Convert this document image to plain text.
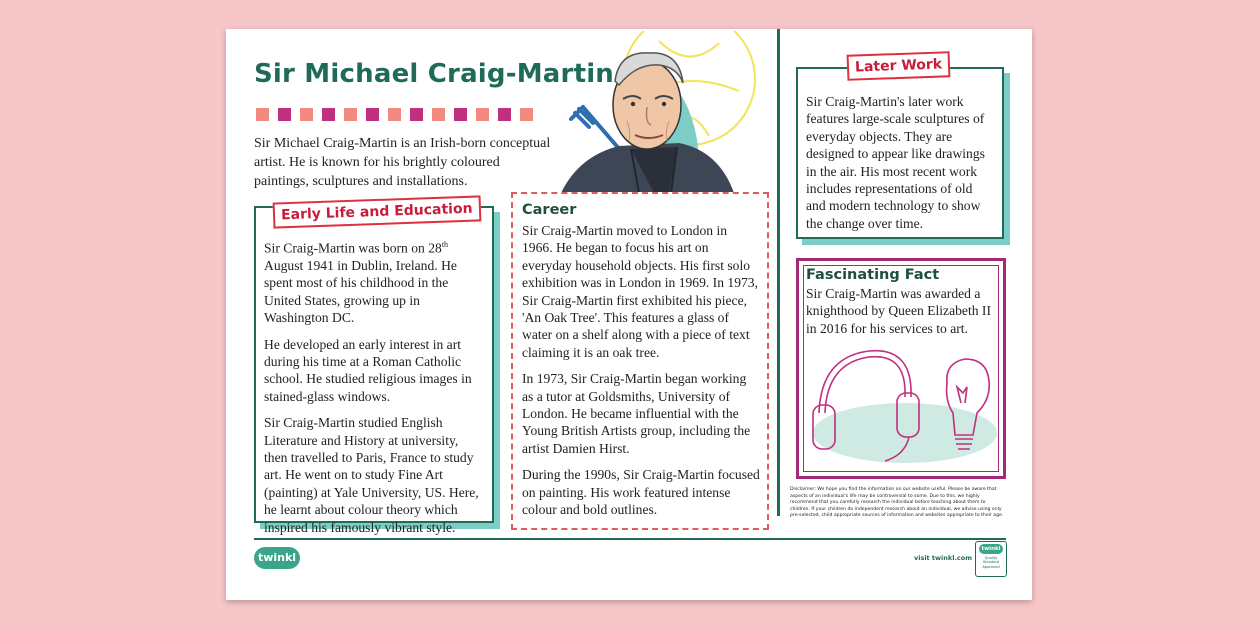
Sir Michael Craig-Martin

Sir Michael Craig-Martin is an Irish-born conceptual artist. He is known for his brightly coloured paintings, sculptures and installations.

Sir Craig-Martin was born on 28th August 1941 in Dublin, Ireland. He spent most of his childhood in the United States, growing up in Washington DC.

He developed an early interest in art during his time at a Roman Catholic school. He studied religious images in stained-glass windows.

Sir Craig-Martin studied English Literature and History at university, then travelled to Paris, France to study art. He went on to study Fine Art (painting) at Yale University, US. Here, he learnt about colour theory which inspired his famously vibrant style.

Early Life and Education	Career

Sir Craig-Martin moved to London in 1966. He began to focus his art on everyday household objects. His first solo exhibition was in London in 1969. In 1973, Sir Craig-Martin first exhibited his piece, 'An Oak Tree'. This features a glass of water on a shelf along with a piece of text claiming it is an oak tree.

In 1973, Sir Craig-Martin began working as a tutor at Goldsmiths, University of London. He became influential with the Young British Artists group, including the artist Damien Hirst.

During the 1990s, Sir Craig-Martin focused on painting. His work featured intense colour and bold outlines.

Sir Craig-Martin's later work features large-scale sculptures of everyday objects. They are designed to appear like drawings in the air. His most recent work includes representations of old and modern technology to show the change over time.

Later Work
Fascinating Fact

Sir Craig-Martin was awarded a knighthood by Queen Elizabeth II in 2016 for his services to art.

Disclaimer: We hope you find the information on our website useful. Please be aware that aspects of an individual's life may be controversial to some. Due to this, we highly recommend that you carefully research the individual before teaching about them to children. If your children do independent research about an individual, we advise using only pre-selected, child appropriate sources of information and websites appropriate to their age.
twinkl	visit twinkl.com
twinkl
Quality Standard Approved
